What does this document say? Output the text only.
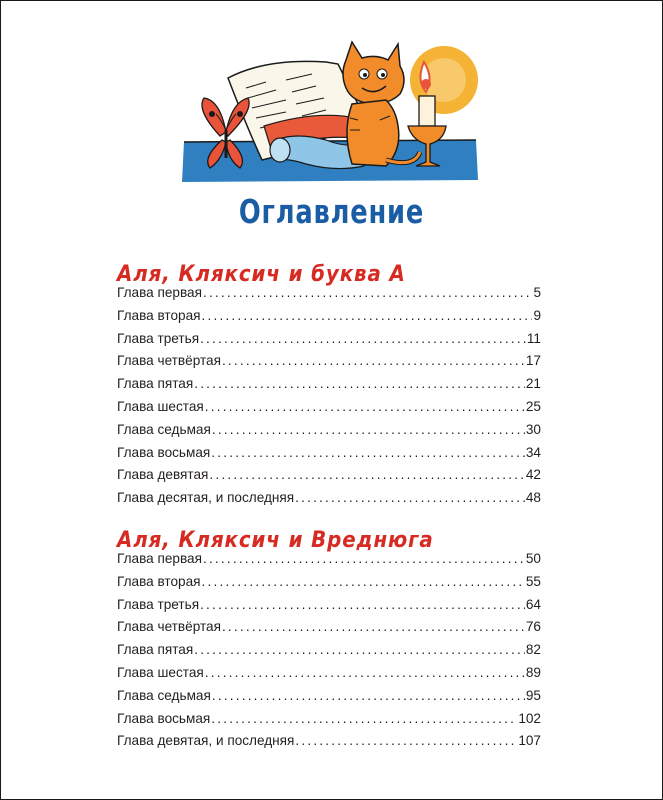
Оглавление
Аля, Кляксич и буква А
Глава первая .....	5
Глава вторая .....	9
Глава третья .....	11
Глава четвёртая .....	17
Глава пятая .....	21
Глава шестая .....	25
Глава седьмая .....	30
Глава восьмая .....	34
Глава девятая .....	42
Глава десятая, и последняя .....	48
Аля, Кляксич и Вреднюга
Глава первая .....	50
Глава вторая .....	55
Глава третья .....	64
Глава четвёртая .....	76
Глава пятая .....	82
Глава шестая .....	89
Глава седьмая .....	95
Глава восьмая .....	102
Глава девятая, и последняя .....	107
